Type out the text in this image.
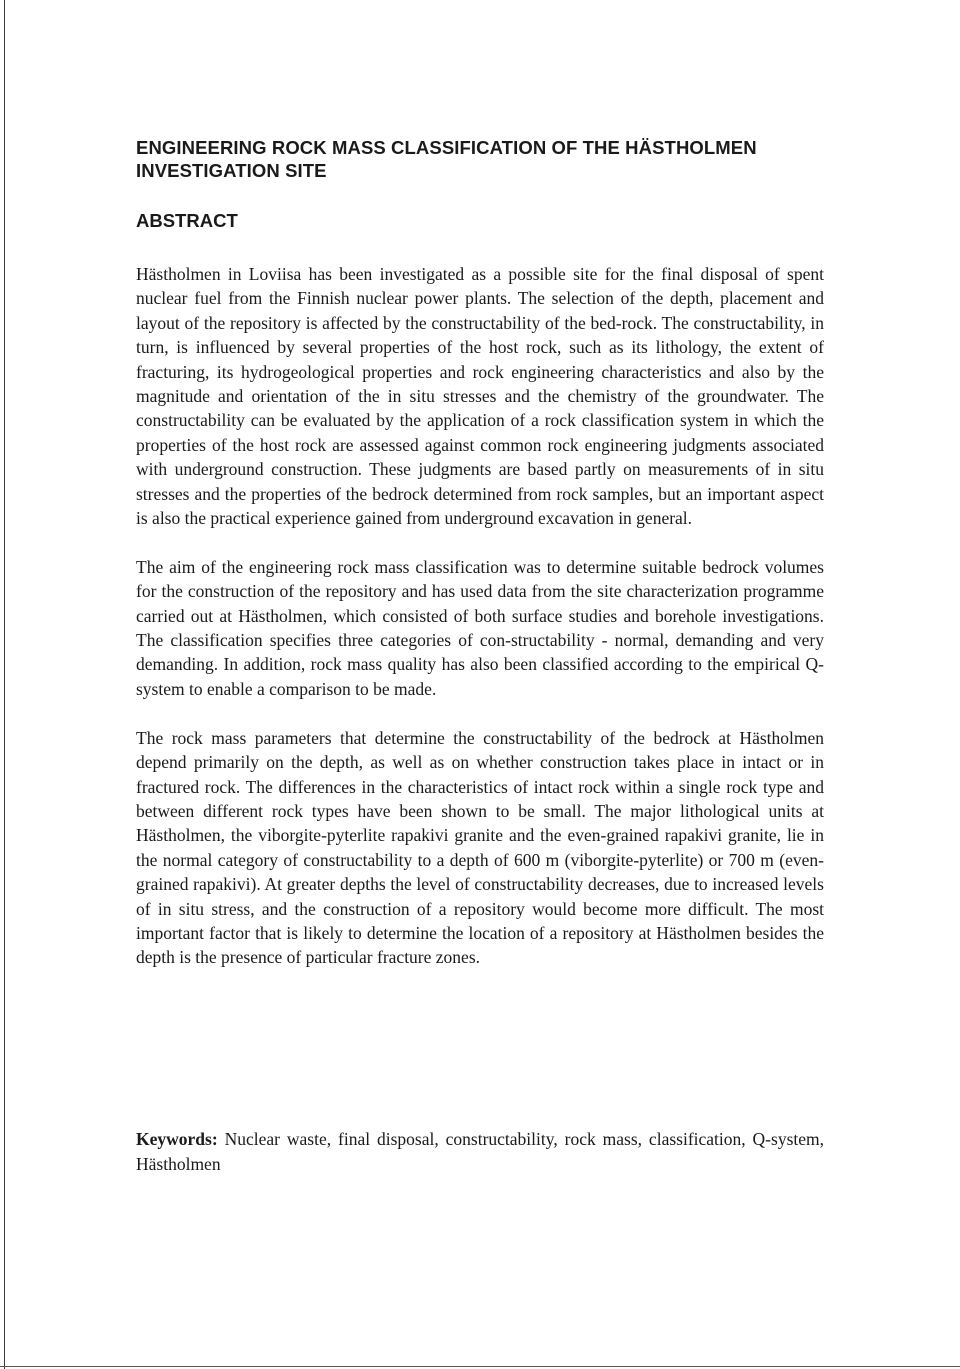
ENGINEERING ROCK MASS CLASSIFICATION OF THE HÄSTHOLMEN INVESTIGATION SITE
ABSTRACT

Hästholmen in Loviisa has been investigated as a possible site for the final disposal of spent nuclear fuel from the Finnish nuclear power plants. The selection of the depth, placement and layout of the repository is affected by the constructability of the bed-rock. The constructability, in turn, is influenced by several properties of the host rock, such as its lithology, the extent of fracturing, its hydrogeological properties and rock engineering characteristics and also by the magnitude and orientation of the in situ stresses and the chemistry of the groundwater. The constructability can be evaluated by the application of a rock classification system in which the properties of the host rock are assessed against common rock engineering judgments associated with underground construction. These judgments are based partly on measurements of in situ stresses and the properties of the bedrock determined from rock samples, but an important aspect is also the practical experience gained from underground excavation in general.

The aim of the engineering rock mass classification was to determine suitable bedrock volumes for the construction of the repository and has used data from the site characterization programme carried out at Hästholmen, which consisted of both surface studies and borehole investigations. The classification specifies three categories of con-structability - normal, demanding and very demanding. In addition, rock mass quality has also been classified according to the empirical Q-system to enable a comparison to be made.

The rock mass parameters that determine the constructability of the bedrock at Hästholmen depend primarily on the depth, as well as on whether construction takes place in intact or in fractured rock. The differences in the characteristics of intact rock within a single rock type and between different rock types have been shown to be small. The major lithological units at Hästholmen, the viborgite-pyterlite rapakivi granite and the even-grained rapakivi granite, lie in the normal category of constructability to a depth of 600 m (viborgite-pyterlite) or 700 m (even-grained rapakivi). At greater depths the level of constructability decreases, due to increased levels of in situ stress, and the construction of a repository would become more difficult. The most important factor that is likely to determine the location of a repository at Hästholmen besides the depth is the presence of particular fracture zones.

Keywords: Nuclear waste, final disposal, constructability, rock mass, classification, Q-system, Hästholmen
